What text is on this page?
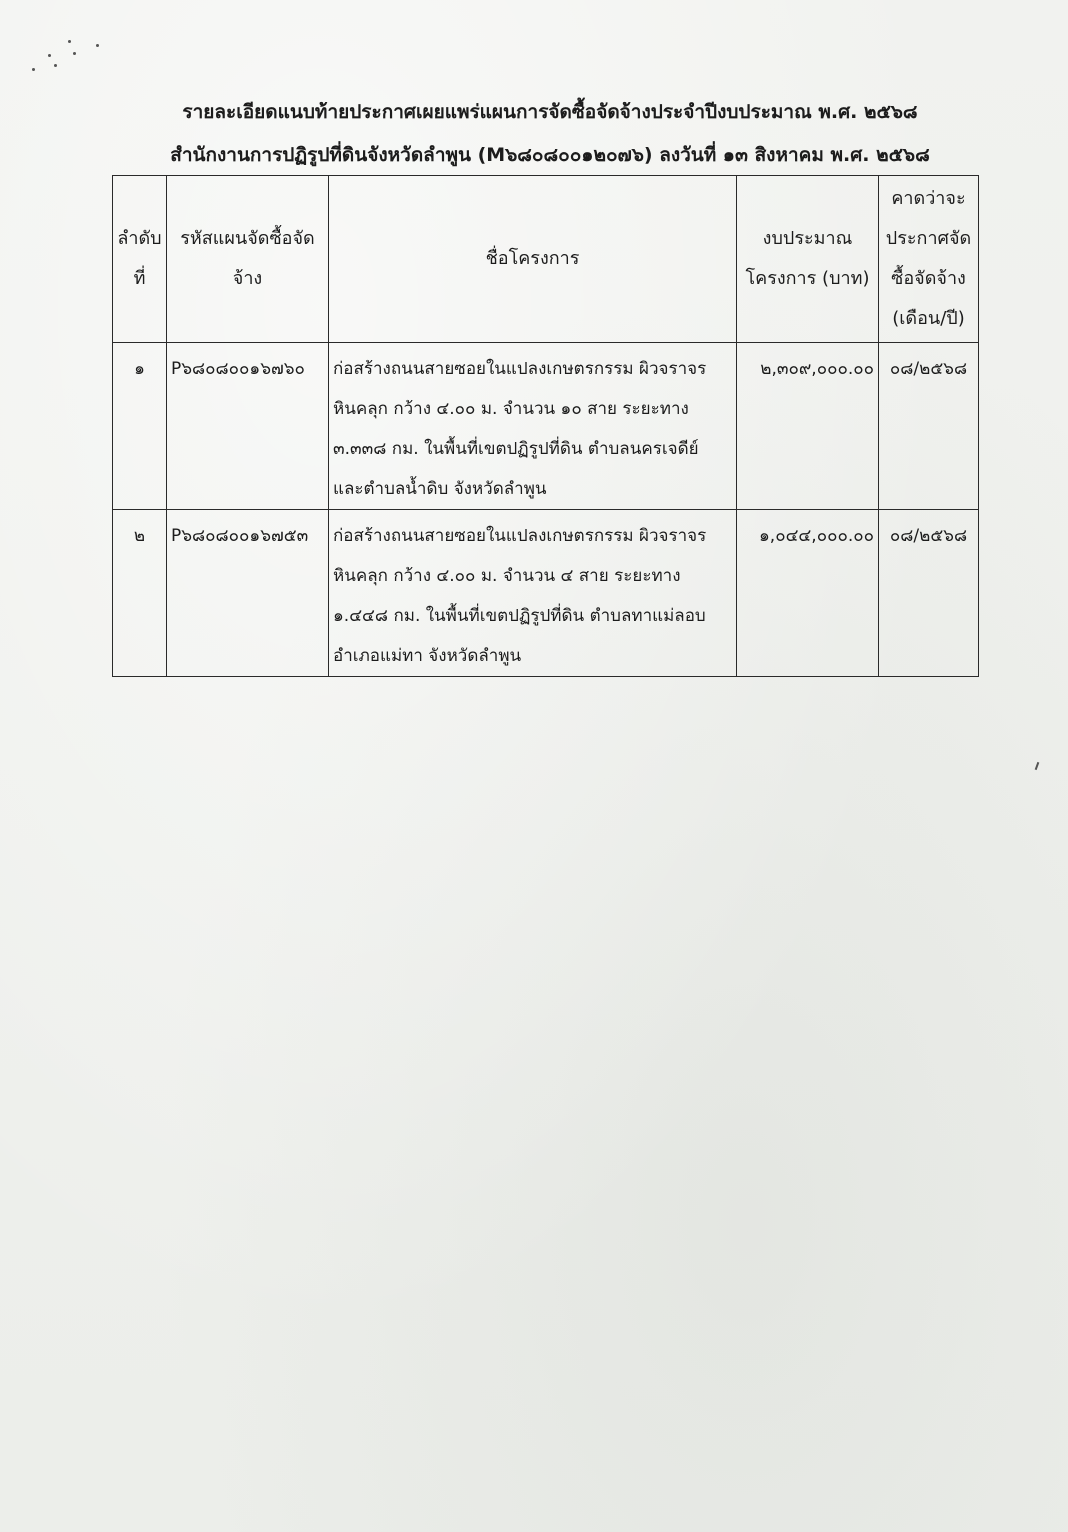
รายละเอียดแนบท้ายประกาศเผยแพร่แผนการจัดซื้อจัดจ้างประจำปีงบประมาณ พ.ศ. ๒๕๖๘
สำนักงานการปฏิรูปที่ดินจังหวัดลำพูน (M๖๘๐๘๐๐๑๒๐๗๖) ลงวันที่ ๑๓ สิงหาคม พ.ศ. ๒๕๖๘
ลำดับที่	รหัสแผนจัดซื้อจัดจ้าง	ชื่อโครงการ	งบประมาณโครงการ (บาท)	คาดว่าจะประกาศจัดซื้อจัดจ้าง (เดือน/ปี)
๑	P๖๘๐๘๐๐๑๖๗๖๐	ก่อสร้างถนนสายซอยในแปลงเกษตรกรรม ผิวจราจร
หินคลุก กว้าง ๔.๐๐ ม. จำนวน ๑๐ สาย ระยะทาง
๓.๓๓๘ กม. ในพื้นที่เขตปฏิรูปที่ดิน ตำบลนครเจดีย์
และตำบลน้ำดิบ จังหวัดลำพูน	๒,๓๐๙,๐๐๐.๐๐	๐๘/๒๕๖๘
๒	P๖๘๐๘๐๐๑๖๗๕๓	ก่อสร้างถนนสายซอยในแปลงเกษตรกรรม ผิวจราจร
หินคลุก กว้าง ๔.๐๐ ม. จำนวน ๔ สาย ระยะทาง
๑.๔๔๘ กม. ในพื้นที่เขตปฏิรูปที่ดิน ตำบลทาแม่ลอบ
อำเภอแม่ทา จังหวัดลำพูน	๑,๐๔๔,๐๐๐.๐๐	๐๘/๒๕๖๘
